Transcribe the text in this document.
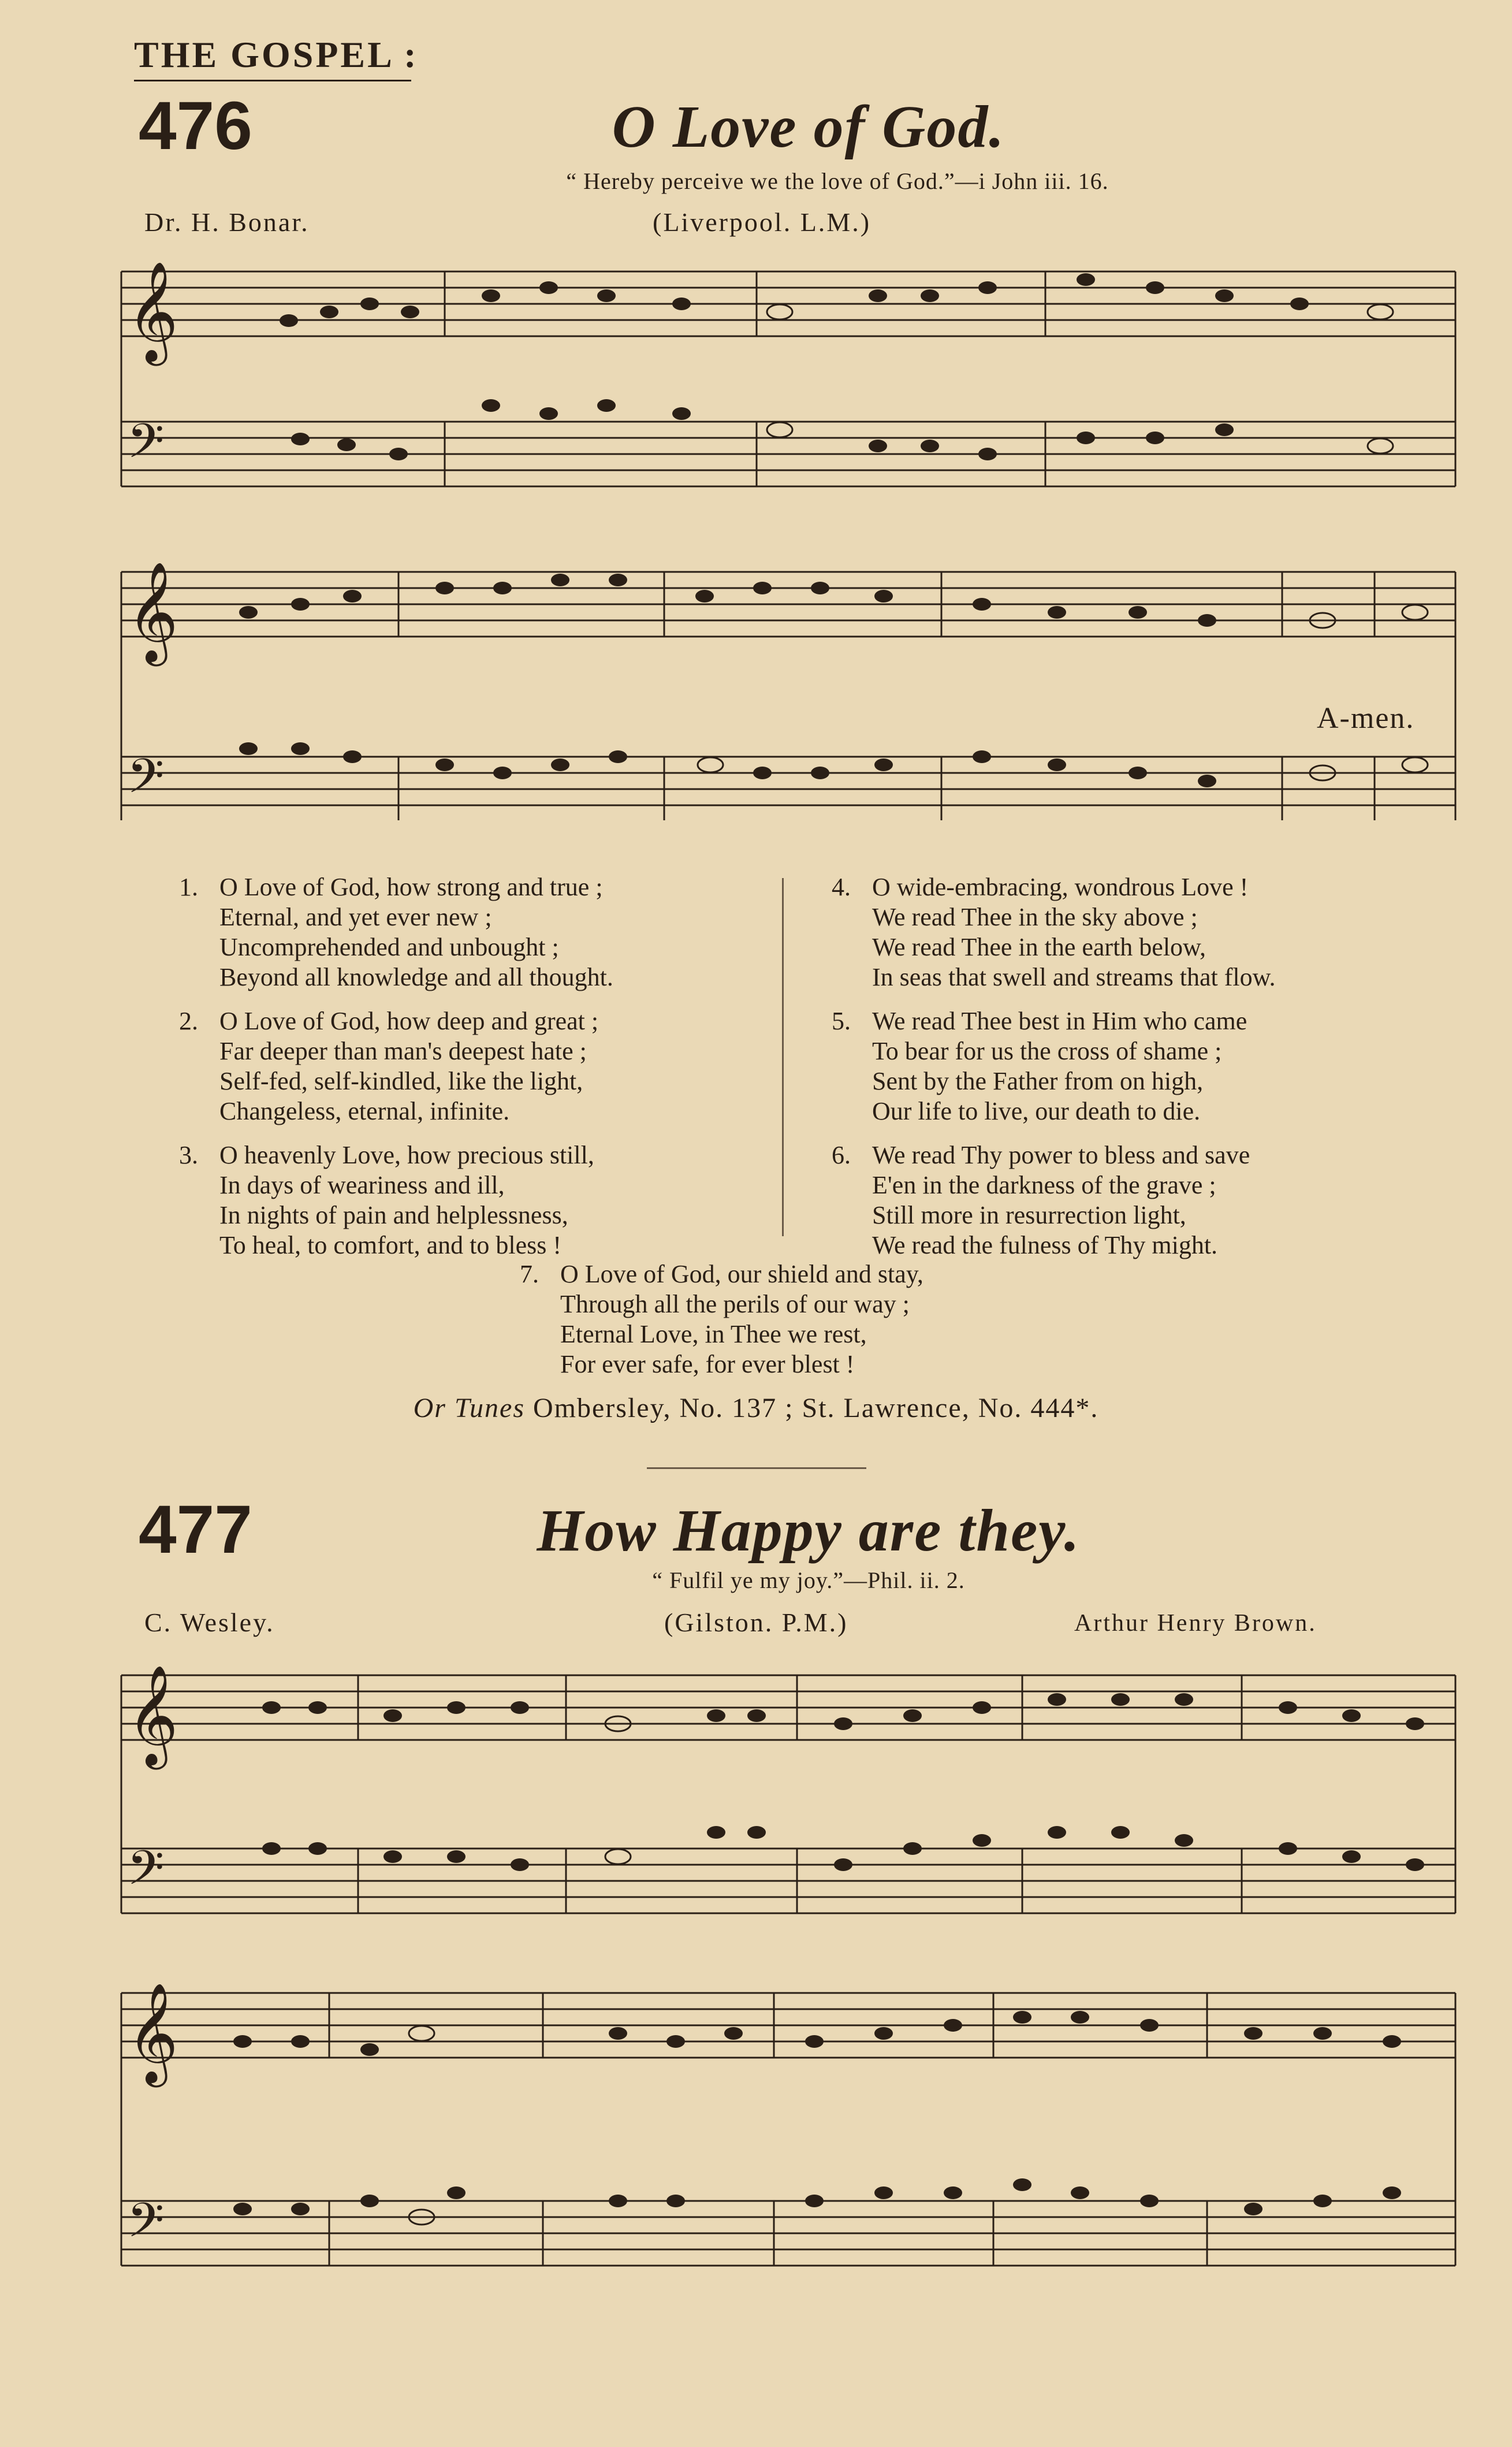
THE GOSPEL :
476	O Love of God.
“ Hereby perceive we the love of God.”—i John iii. 16.
Dr. H. Bonar.	(Liverpool. L.M.)
𝄞
𝄢
𝄞
𝄢
A-men.
1. O Love of God, how strong and true ;
Eternal, and yet ever new ;
Uncomprehended and unbought ;
Beyond all knowledge and all thought.
2. O Love of God, how deep and great ;
Far deeper than man's deepest hate ;
Self-fed, self-kindled, like the light,
Changeless, eternal, infinite.
3. O heavenly Love, how precious still,
In days of weariness and ill,
In nights of pain and helplessness,
To heal, to comfort, and to bless !
4. O wide-embracing, wondrous Love !
We read Thee in the sky above ;
We read Thee in the earth below,
In seas that swell and streams that flow.
5. We read Thee best in Him who came
To bear for us the cross of shame ;
Sent by the Father from on high,
Our life to live, our death to die.
6. We read Thy power to bless and save
E'en in the darkness of the grave ;
Still more in resurrection light,
We read the fulness of Thy might.
7. O Love of God, our shield and stay,
Through all the perils of our way ;
Eternal Love, in Thee we rest,
For ever safe, for ever blest !
Or Tunes Ombersley, No. 137 ; St. Lawrence, No. 444*.
477	How Happy are they.
“ Fulfil ye my joy.”—Phil. ii. 2.
C. Wesley.	(Gilston. P.M.)	Arthur Henry Brown.
𝄞
𝄢
𝄞
𝄢
